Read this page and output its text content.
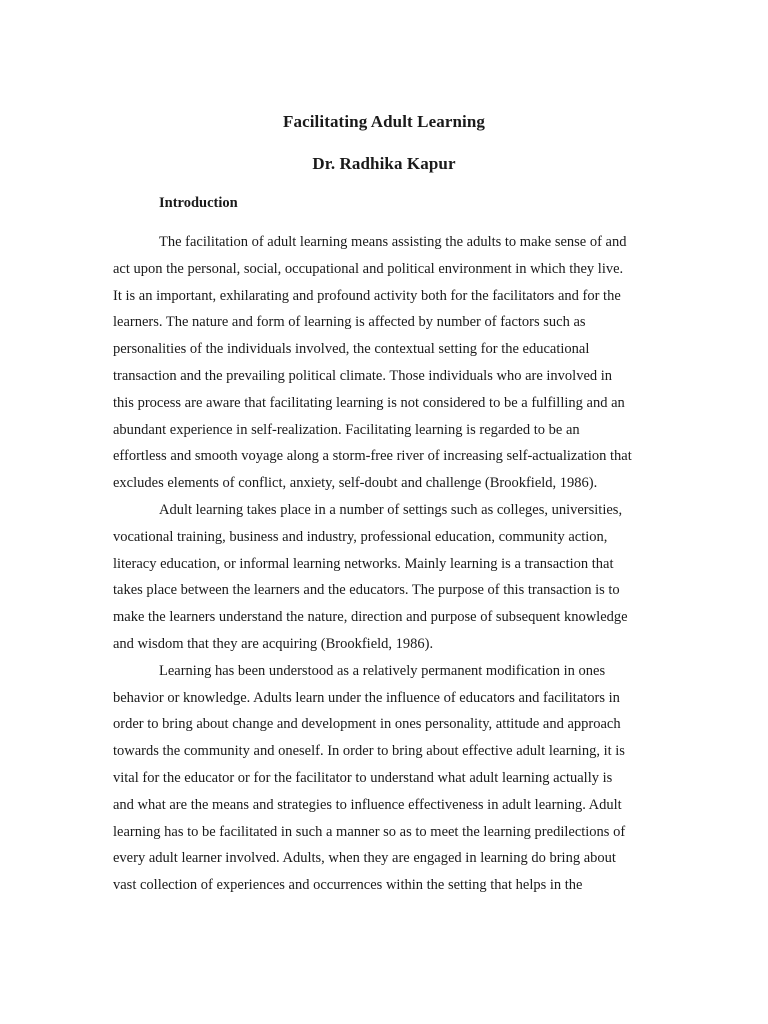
Facilitating Adult Learning
Dr. Radhika Kapur
Introduction
The facilitation of adult learning means assisting the adults to make sense of and
act upon the personal, social, occupational and political environment in which they live.
It is an important, exhilarating and profound activity both for the facilitators and for the
learners. The nature and form of learning is affected by number of factors such as
personalities of the individuals involved, the contextual setting for the educational
transaction and the prevailing political climate. Those individuals who are involved in
this process are aware that facilitating learning is not considered to be a fulfilling and an
abundant experience in self-realization. Facilitating learning is regarded to be an
effortless and smooth voyage along a storm-free river of increasing self-actualization that
excludes elements of conflict, anxiety, self-doubt and challenge (Brookfield, 1986).
Adult learning takes place in a number of settings such as colleges, universities,
vocational training, business and industry, professional education, community action,
literacy education, or informal learning networks. Mainly learning is a transaction that
takes place between the learners and the educators. The purpose of this transaction is to
make the learners understand the nature, direction and purpose of subsequent knowledge
and wisdom that they are acquiring (Brookfield, 1986).
Learning has been understood as a relatively permanent modification in ones
behavior or knowledge. Adults learn under the influence of educators and facilitators in
order to bring about change and development in ones personality, attitude and approach
towards the community and oneself. In order to bring about effective adult learning, it is
vital for the educator or for the facilitator to understand what adult learning actually is
and what are the means and strategies to influence effectiveness in adult learning. Adult
learning has to be facilitated in such a manner so as to meet the learning predilections of
every adult learner involved. Adults, when they are engaged in learning do bring about
vast collection of experiences and occurrences within the setting that helps in the
